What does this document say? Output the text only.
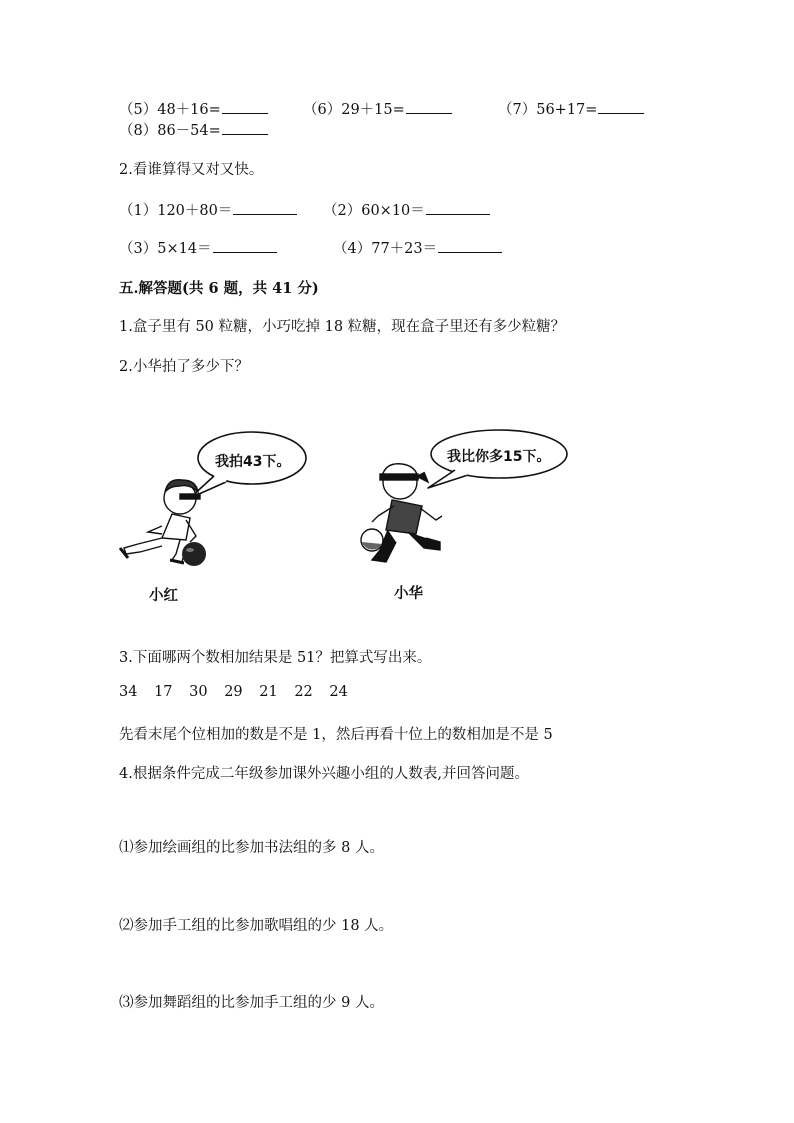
（5）48＋16=	（6）29＋15=	（7）56+17=
（8）86－54=
2.看谁算得又对又快。
（1）120＋80＝	（2）60×10＝
（3）5×14＝	（4）77＋23＝
五.解答题(共 6 题，共 41 分)
1.盒子里有 50 粒糖，小巧吃掉 18 粒糖，现在盒子里还有多少粒糖？
2.小华拍了多少下？
我拍43下。	我比你多15下。
小红	小华
3.下面哪两个数相加结果是 51？把算式写出来。
34 17 30 29 21 22 24
先看末尾个位相加的数是不是 1，然后再看十位上的数相加是不是 5
4.根据条件完成二年级参加课外兴趣小组的人数表,并回答问题。
⑴参加绘画组的比参加书法组的多 8 人。
⑵参加手工组的比参加歌唱组的少 18 人。
⑶参加舞蹈组的比参加手工组的少 9 人。
